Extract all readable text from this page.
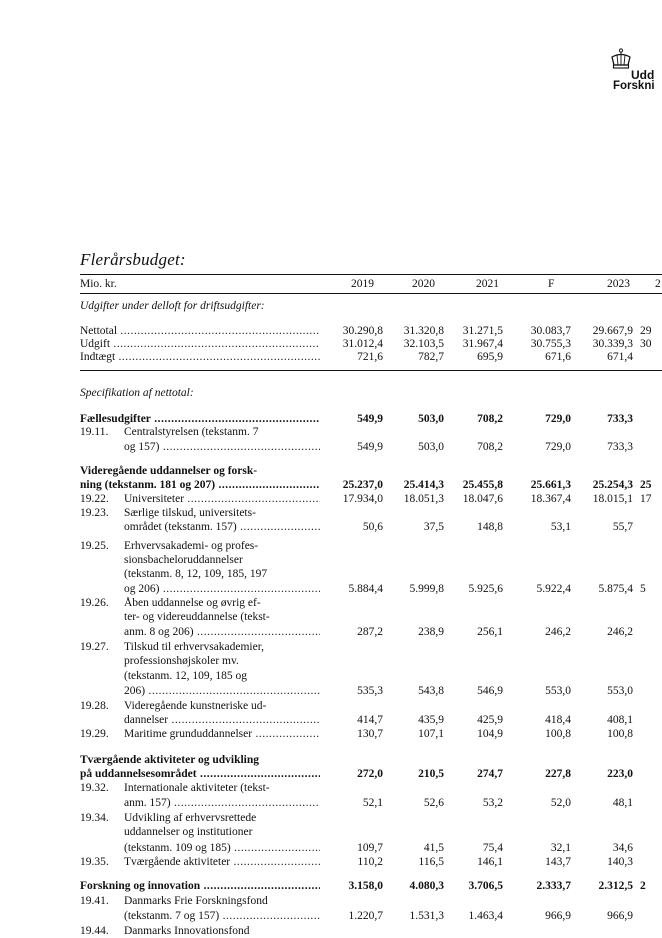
Udd
Forskni
Flerårsbudget:
Mio. kr.	2019	2020	2021	F	2023 2
Udgifter under delloft for driftsudgifter:
Specifikation af nettotal:
Nettotal .....	30.290,8	31.320,8	31.271,5	30.083,7	29.667,9 29
Udgift .....	31.012,4	32.103,5	31.967,4	30.755,3	30.339,3 30
Indtægt .....	721,6	782,7	695,9	671,6	671,4
Fællesudgifter .....	549,9	503,0	708,2	729,0	733,3
19.11. Centralstyrelsen (tekstanm. 7
og 157) .....	549,9	503,0	708,2	729,0	733,3
Videregående uddannelser og forsk-
ning (tekstanm. 181 og 207) .....	25.237,0	25.414,3	25.455,8	25.661,3	25.254,3 25
19.22. Universiteter .....	17.934,0	18.051,3	18.047,6	18.367,4	18.015,1 17
19.23. Særlige tilskud, universitets-
området (tekstanm. 157) .....	50,6	37,5	148,8	53,1	55,7
19.25. Erhvervsakademi- og profes-
sionsbacheloruddannelser
(tekstanm. 8, 12, 109, 185, 197
og 206) .....	5.884,4	5.999,8	5.925,6	5.922,4	5.875,4 5
19.26. Åben uddannelse og øvrig ef-
ter- og videreuddannelse (tekst-
anm. 8 og 206) .....	287,2	238,9	256,1	246,2	246,2
19.27. Tilskud til erhvervsakademier,
professionshøjskoler mv.
(tekstanm. 12, 109, 185 og
206) .....	535,3	543,8	546,9	553,0	553,0
19.28. Videregående kunstneriske ud-
dannelser .....	414,7	435,9	425,9	418,4	408,1
19.29. Maritime grunduddannelser .....	130,7	107,1	104,9	100,8	100,8
Tværgående aktiviteter og udvikling
på uddannelsesområdet .....	272,0	210,5	274,7	227,8	223,0
19.32. Internationale aktiviteter (tekst-
anm. 157) .....	52,1	52,6	53,2	52,0	48,1
19.34. Udvikling af erhvervsrettede
uddannelser og institutioner
(tekstanm. 109 og 185) .....	109,7	41,5	75,4	32,1	34,6
19.35. Tværgående aktiviteter .....	110,2	116,5	146,1	143,7	140,3
Forskning og innovation .....	3.158,0	4.080,3	3.706,5	2.333,7	2.312,5 2
19.41. Danmarks Frie Forskningsfond
(tekstanm. 7 og 157) .....	1.220,7	1.531,3	1.463,4	966,9	966,9
19.44. Danmarks Innovationsfond
